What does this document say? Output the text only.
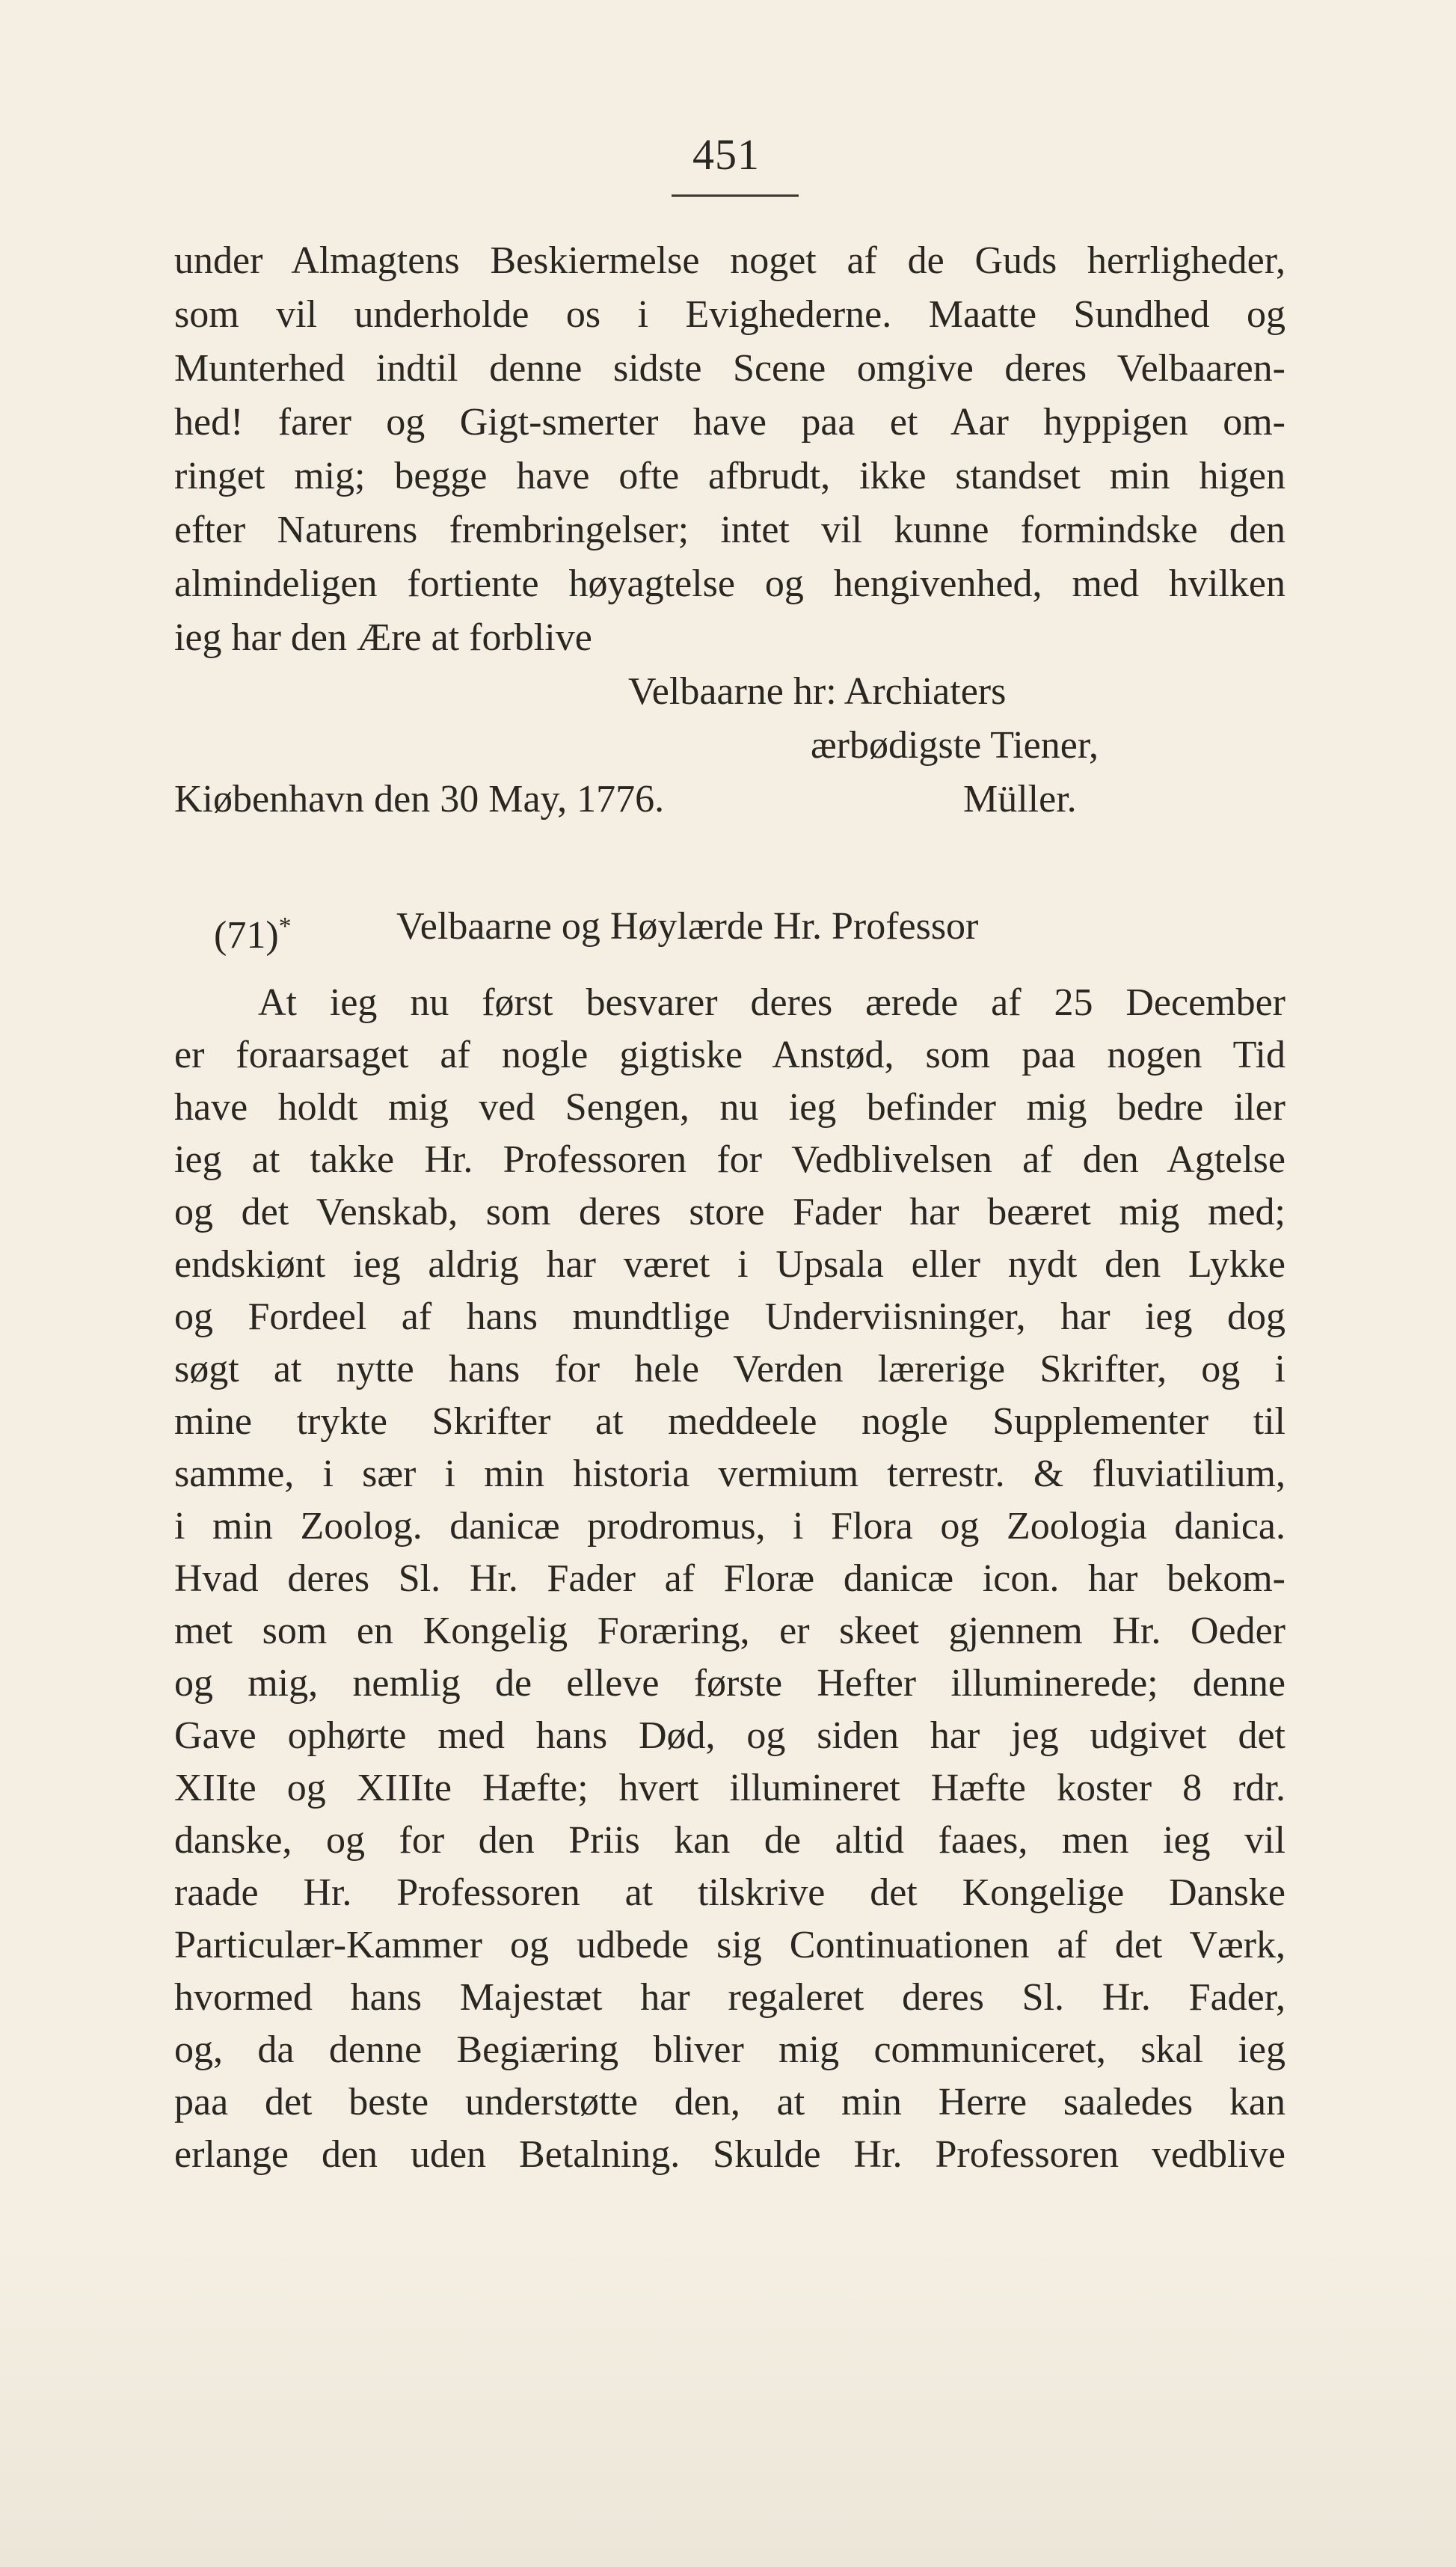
451
under Almagtens Beskiermelse noget af de Guds herrligheder,
som vil underholde os i Evighederne. Maatte Sundhed og
Munterhed indtil denne sidste Scene omgive deres Velbaaren-
hed! farer og Gigt-smerter have paa et Aar hyppigen om-
ringet mig; begge have ofte afbrudt, ikke standset min higen
efter Naturens frembringelser; intet vil kunne formindske den
almindeligen fortiente høyagtelse og hengivenhed, med hvilken
ieg har den Ære at forblive
Velbaarne hr: Archiaters
ærbødigste Tiener,
Kiøbenhavn den 30 May, 1776.	Müller.
(71)*	Velbaarne og Høylærde Hr. Professor
At ieg nu først besvarer deres ærede af 25 December
er foraarsaget af nogle gigtiske Anstød, som paa nogen Tid
have holdt mig ved Sengen, nu ieg befinder mig bedre iler
ieg at takke Hr. Professoren for Vedblivelsen af den Agtelse
og det Venskab, som deres store Fader har beæret mig med;
endskiønt ieg aldrig har været i Upsala eller nydt den Lykke
og Fordeel af hans mundtlige Underviisninger, har ieg dog
søgt at nytte hans for hele Verden lærerige Skrifter, og i
mine trykte Skrifter at meddeele nogle Supplementer til
samme, i sær i min historia vermium terrestr. & fluviatilium,
i min Zoolog. danicæ prodromus, i Flora og Zoologia danica.
Hvad deres Sl. Hr. Fader af Floræ danicæ icon. har bekom-
met som en Kongelig Foræring, er skeet gjennem Hr. Oeder
og mig, nemlig de elleve første Hefter illuminerede; denne
Gave ophørte med hans Død, og siden har jeg udgivet det
XIIte og XIIIte Hæfte; hvert illumineret Hæfte koster 8 rdr.
danske, og for den Priis kan de altid faaes, men ieg vil
raade Hr. Professoren at tilskrive det Kongelige Danske
Particulær-Kammer og udbede sig Continuationen af det Værk,
hvormed hans Majestæt har regaleret deres Sl. Hr. Fader,
og, da denne Begiæring bliver mig communiceret, skal ieg
paa det beste understøtte den, at min Herre saaledes kan
erlange den uden Betalning. Skulde Hr. Professoren vedblive
